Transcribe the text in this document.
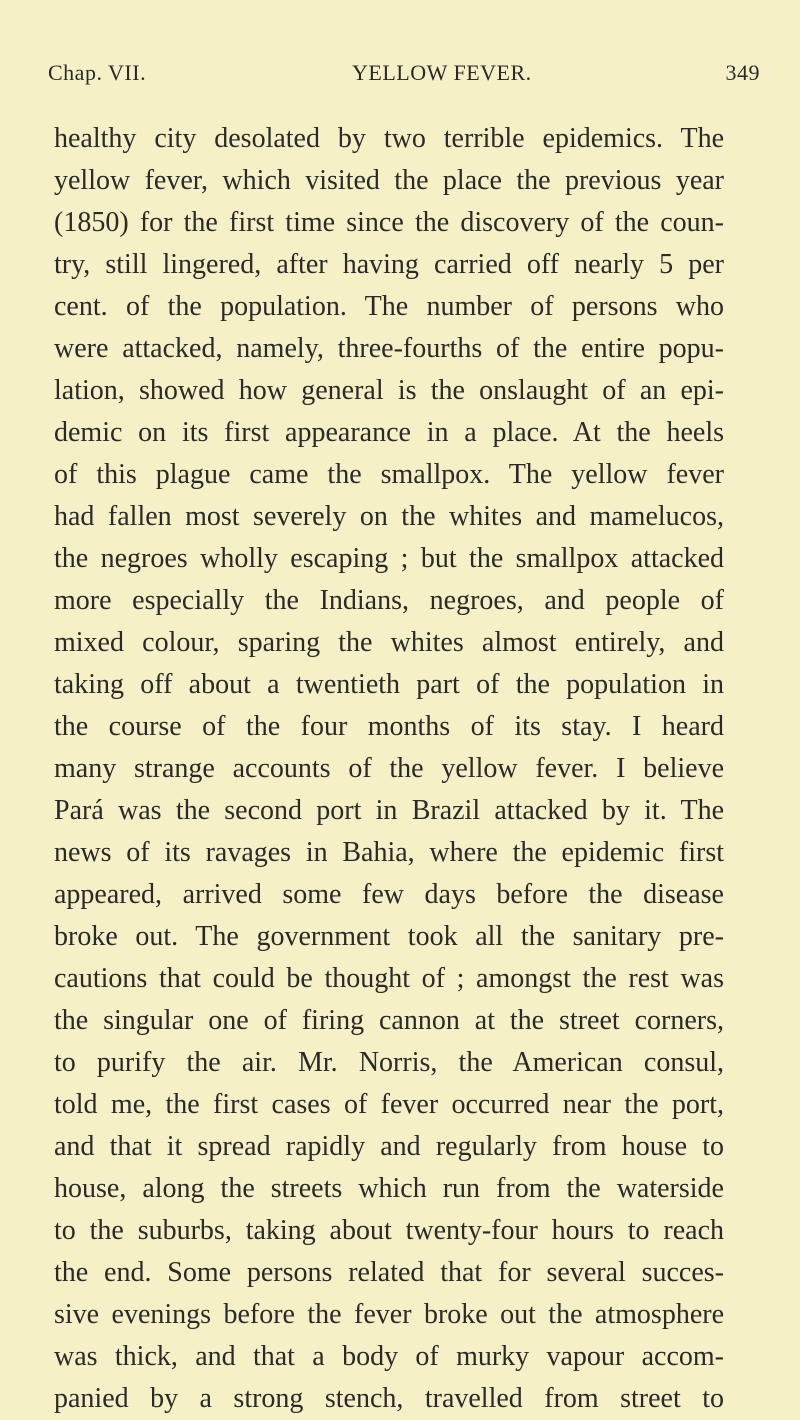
Chap. VII.	YELLOW FEVER.	349
healthy city desolated by two terrible epidemics. The
yellow fever, which visited the place the previous year
(1850) for the first time since the discovery of the coun-
try, still lingered, after having carried off nearly 5 per
cent. of the population. The number of persons who
were attacked, namely, three-fourths of the entire popu-
lation, showed how general is the onslaught of an epi-
demic on its first appearance in a place. At the heels
of this plague came the smallpox. The yellow fever
had fallen most severely on the whites and mamelucos,
the negroes wholly escaping ; but the smallpox attacked
more especially the Indians, negroes, and people of
mixed colour, sparing the whites almost entirely, and
taking off about a twentieth part of the population in
the course of the four months of its stay. I heard
many strange accounts of the yellow fever. I believe
Pará was the second port in Brazil attacked by it. The
news of its ravages in Bahia, where the epidemic first
appeared, arrived some few days before the disease
broke out. The government took all the sanitary pre-
cautions that could be thought of ; amongst the rest was
the singular one of firing cannon at the street corners,
to purify the air. Mr. Norris, the American consul,
told me, the first cases of fever occurred near the port,
and that it spread rapidly and regularly from house to
house, along the streets which run from the waterside
to the suburbs, taking about twenty-four hours to reach
the end. Some persons related that for several succes-
sive evenings before the fever broke out the atmosphere
was thick, and that a body of murky vapour accom-
panied by a strong stench, travelled from street to
